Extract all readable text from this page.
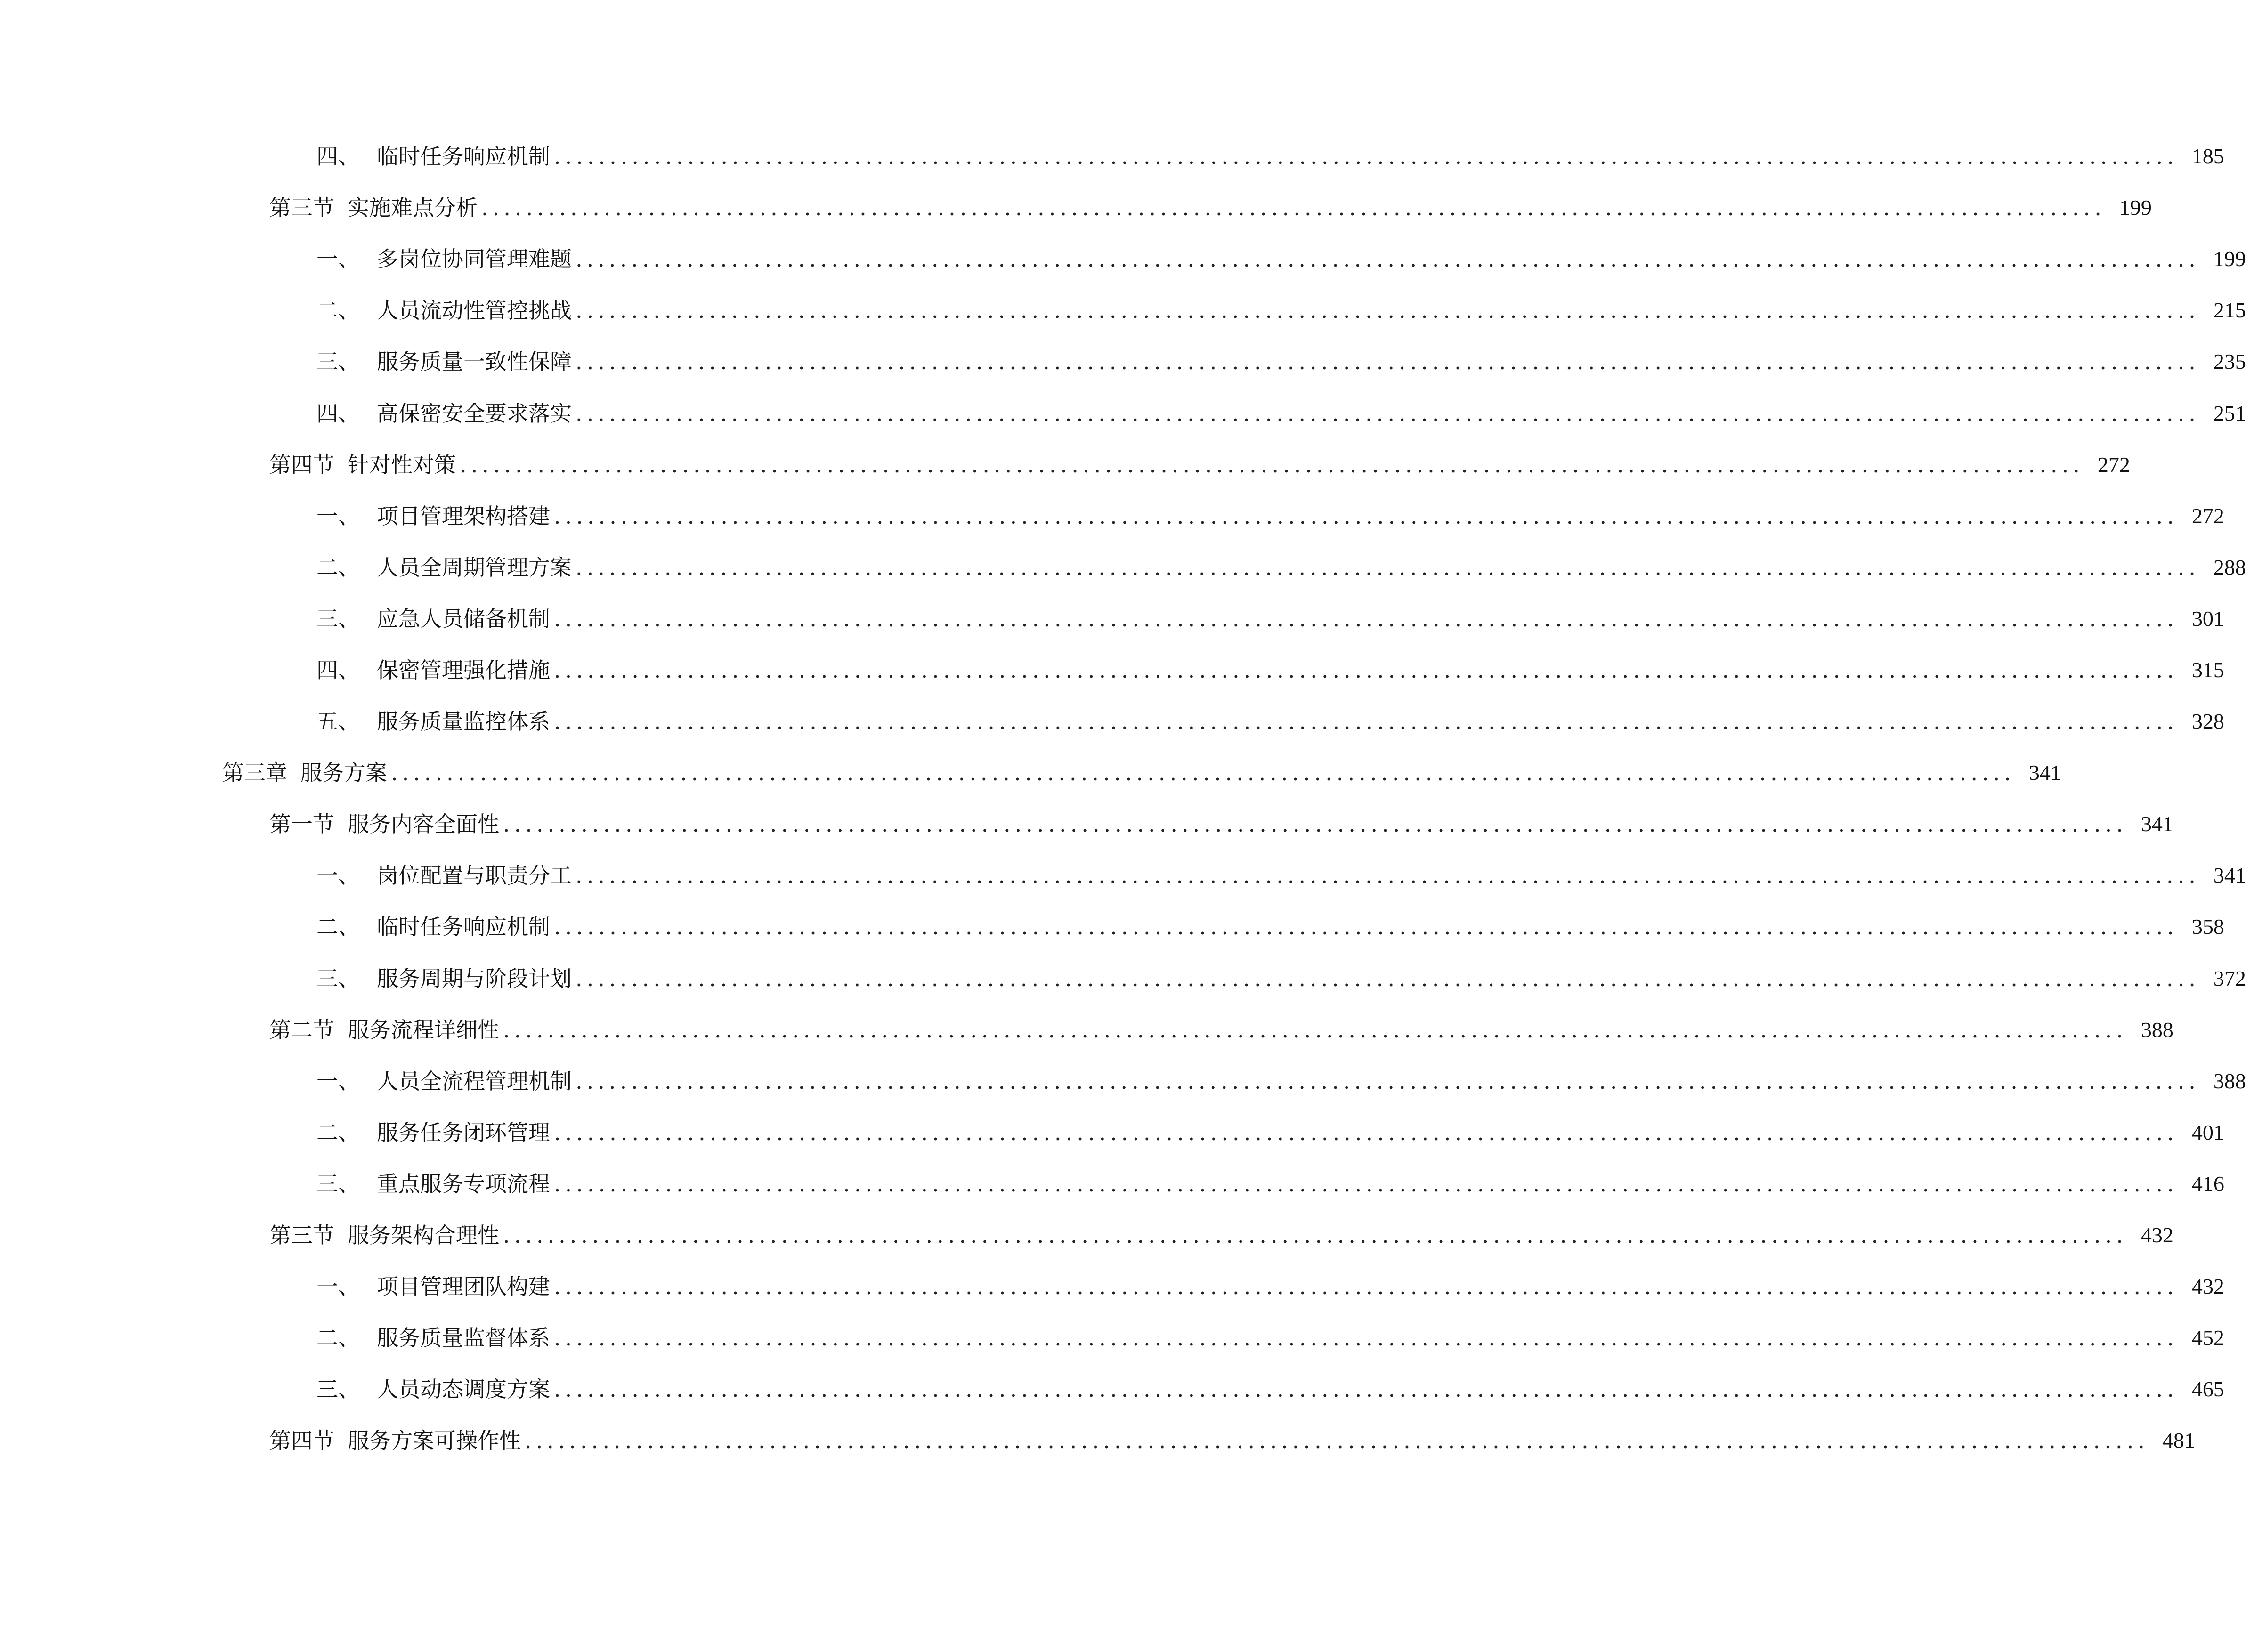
四、 临时任务响应机制 .................................................................................................................................................. 185
第三节 实施难点分析 .................................................................................................................................................. 199
一、 多岗位协同管理难题 .................................................................................................................................................. 199
二、 人员流动性管控挑战 .................................................................................................................................................. 215
三、 服务质量一致性保障 .................................................................................................................................................. 235
四、 高保密安全要求落实 .................................................................................................................................................. 251
第四节 针对性对策 .................................................................................................................................................. 272
一、 项目管理架构搭建 .................................................................................................................................................. 272
二、 人员全周期管理方案 .................................................................................................................................................. 288
三、 应急人员储备机制 .................................................................................................................................................. 301
四、 保密管理强化措施 .................................................................................................................................................. 315
五、 服务质量监控体系 .................................................................................................................................................. 328
第三章 服务方案 .................................................................................................................................................. 341
第一节 服务内容全面性 .................................................................................................................................................. 341
一、 岗位配置与职责分工 .................................................................................................................................................. 341
二、 临时任务响应机制 .................................................................................................................................................. 358
三、 服务周期与阶段计划 .................................................................................................................................................. 372
第二节 服务流程详细性 .................................................................................................................................................. 388
一、 人员全流程管理机制 .................................................................................................................................................. 388
二、 服务任务闭环管理 .................................................................................................................................................. 401
三、 重点服务专项流程 .................................................................................................................................................. 416
第三节 服务架构合理性 .................................................................................................................................................. 432
一、 项目管理团队构建 .................................................................................................................................................. 432
二、 服务质量监督体系 .................................................................................................................................................. 452
三、 人员动态调度方案 .................................................................................................................................................. 465
第四节 服务方案可操作性 .................................................................................................................................................. 481
